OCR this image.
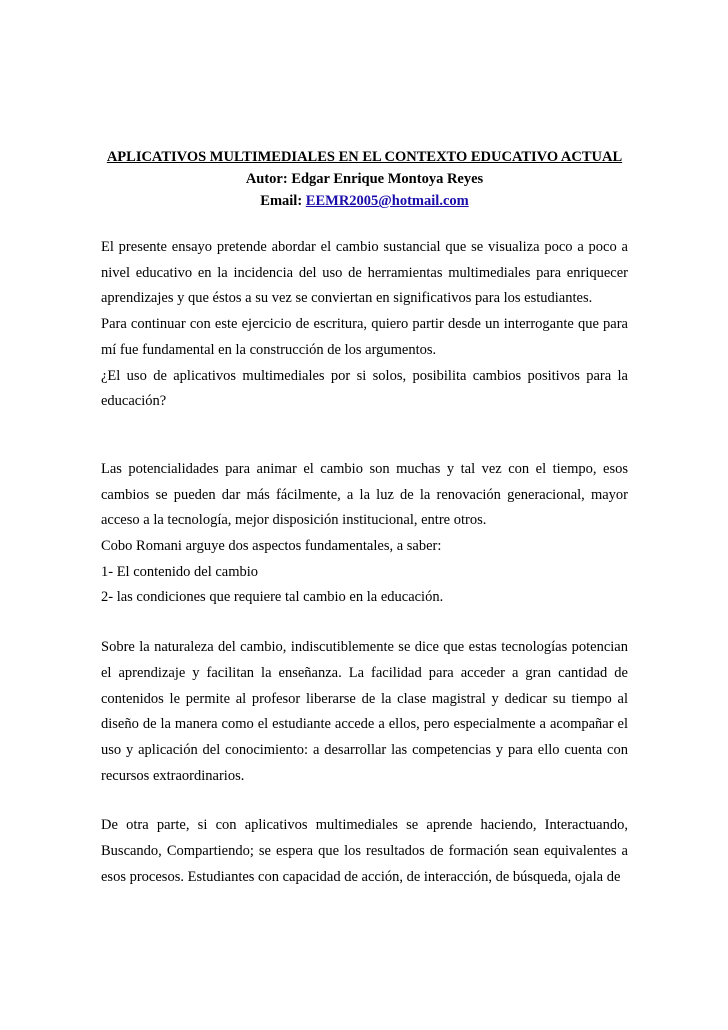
APLICATIVOS MULTIMEDIALES EN EL CONTEXTO EDUCATIVO ACTUAL

Autor: Edgar Enrique Montoya Reyes

Email: EEMR2005@hotmail.com

El presente ensayo pretende abordar el cambio sustancial que se visualiza poco a poco a nivel educativo en la incidencia del uso de herramientas multimediales para enriquecer aprendizajes y que éstos a su vez se conviertan en significativos para los estudiantes.

Para continuar con este ejercicio de escritura, quiero partir desde un interrogante que para mí fue fundamental en la construcción de los argumentos.

¿El uso de aplicativos multimediales por si solos, posibilita cambios positivos para la educación?

Las potencialidades para animar el cambio son muchas y tal vez con el tiempo, esos cambios se pueden dar más fácilmente, a la luz de la renovación generacional, mayor acceso a la tecnología, mejor disposición institucional, entre otros.

Cobo Romani arguye dos aspectos fundamentales, a saber:

1- El contenido del cambio

2- las condiciones que requiere tal cambio en la educación.

Sobre la naturaleza del cambio, indiscutiblemente se dice que estas tecnologías potencian el aprendizaje y facilitan la enseñanza. La facilidad para acceder a gran cantidad de contenidos le permite al profesor liberarse de la clase magistral y dedicar su tiempo al diseño de la manera como el estudiante accede a ellos, pero especialmente a acompañar el uso y aplicación del conocimiento: a desarrollar las competencias y para ello cuenta con recursos extraordinarios.

De otra parte, si con aplicativos multimediales se aprende haciendo, Interactuando, Buscando, Compartiendo; se espera que los resultados de formación sean equivalentes a esos procesos. Estudiantes con capacidad de acción, de interacción, de búsqueda, ojala de
